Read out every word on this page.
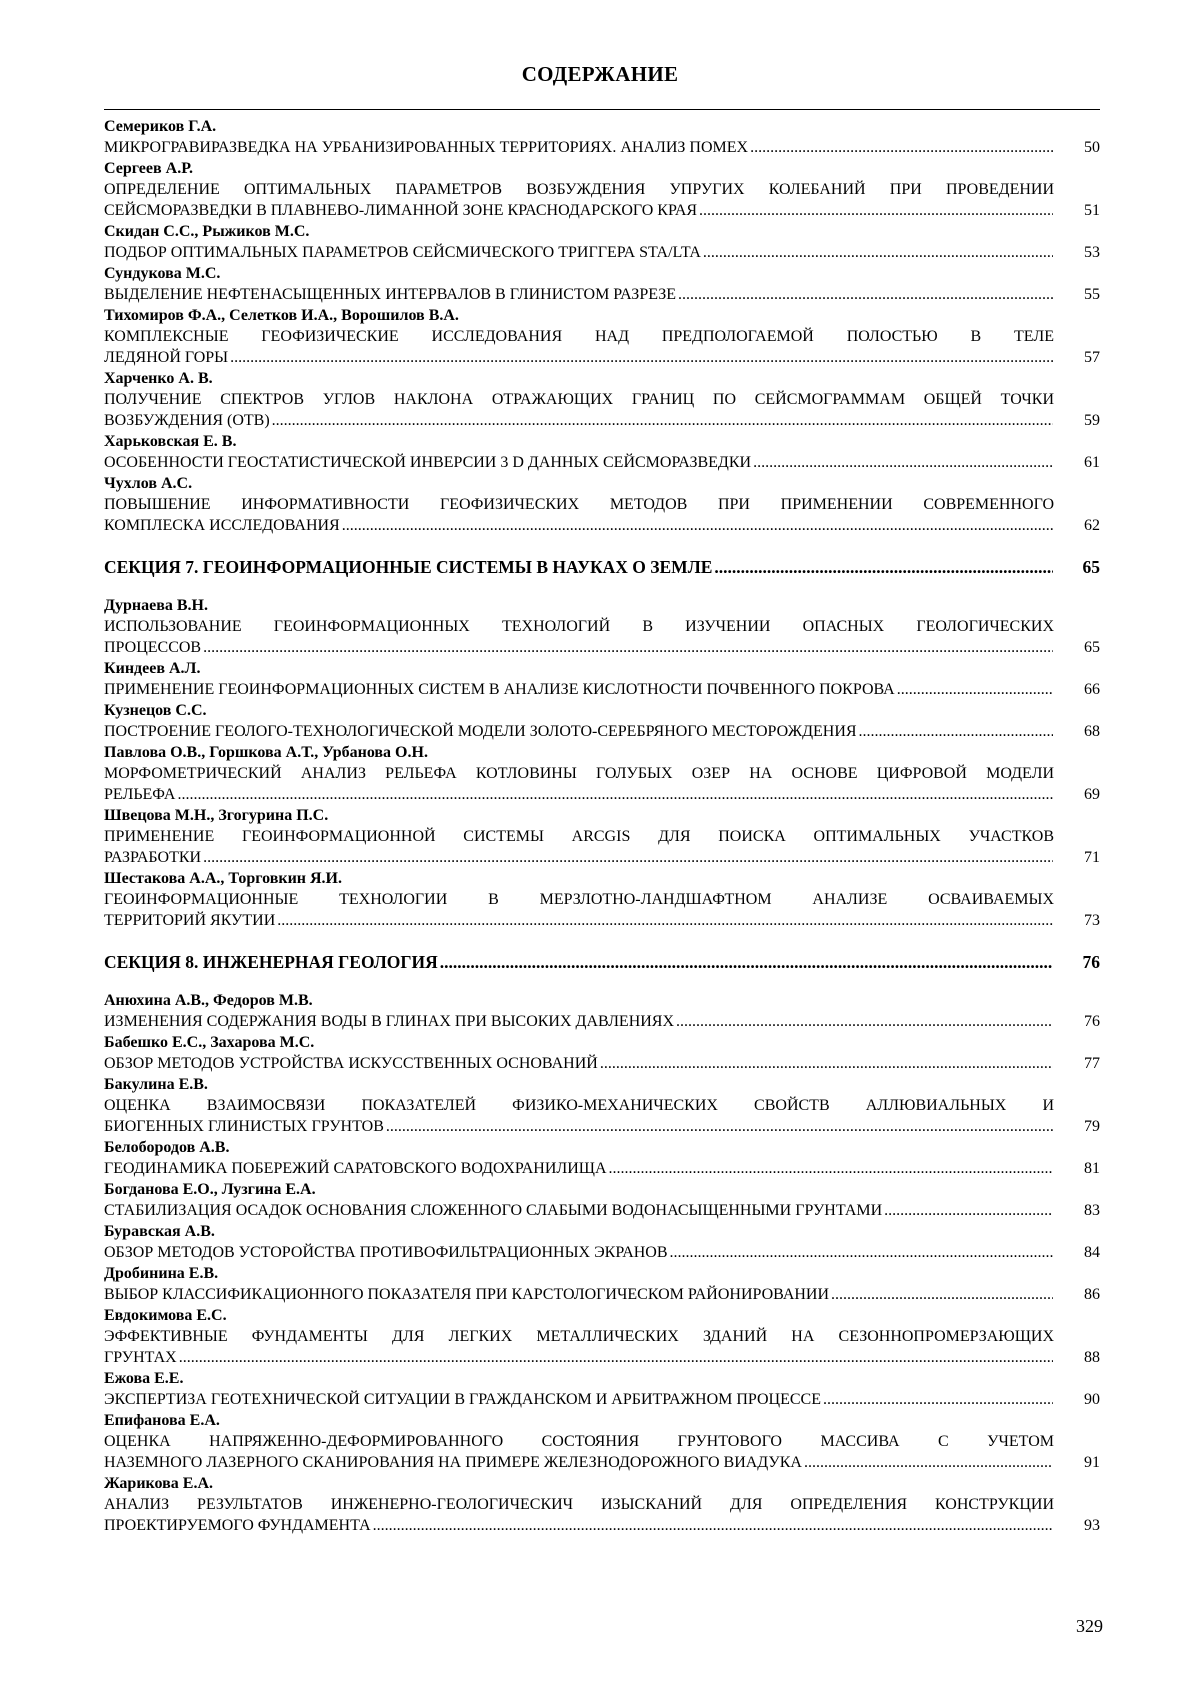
СОДЕРЖАНИЕ
Семериков Г.А.
МИКРОГРАВИРАЗВЕДКА НА УРБАНИЗИРОВАННЫХ ТЕРРИТОРИЯХ. АНАЛИЗ ПОМЕХ .....	50
Сергеев А.Р.
ОПРЕДЕЛЕНИЕ ОПТИМАЛЬНЫХ ПАРАМЕТРОВ ВОЗБУЖДЕНИЯ УПРУГИХ КОЛЕБАНИЙ ПРИ ПРОВЕДЕНИИ
СЕЙСМОРАЗВЕДКИ В ПЛАВНЕВО-ЛИМАННОЙ ЗОНЕ КРАСНОДАРСКОГО КРАЯ .....	51
Скидан С.С., Рыжиков М.С.
ПОДБОР ОПТИМАЛЬНЫХ ПАРАМЕТРОВ СЕЙСМИЧЕСКОГО ТРИГГЕРА STA/LTA .....	53
Сундукова М.С.
ВЫДЕЛЕНИЕ НЕФТЕНАСЫЩЕННЫХ ИНТЕРВАЛОВ В ГЛИНИСТОМ РАЗРЕЗЕ .....	55
Тихомиров Ф.А., Селетков И.А., Ворошилов В.А.
КОМПЛЕКСНЫЕ ГЕОФИЗИЧЕСКИЕ ИССЛЕДОВАНИЯ НАД ПРЕДПОЛОГАЕМОЙ ПОЛОСТЬЮ В ТЕЛЕ
ЛЕДЯНОЙ ГОРЫ .....	57
Харченко А. В.
ПОЛУЧЕНИЕ СПЕКТРОВ УГЛОВ НАКЛОНА ОТРАЖАЮЩИХ ГРАНИЦ ПО СЕЙСМОГРАММАМ ОБЩЕЙ ТОЧКИ
ВОЗБУЖДЕНИЯ (ОТВ) .....	59
Харьковская Е. В.
ОСОБЕННОСТИ ГЕОСТАТИСТИЧЕСКОЙ ИНВЕРСИИ 3 D ДАННЫХ СЕЙСМОРАЗВЕДКИ .....	61
Чухлов А.С.
ПОВЫШЕНИЕ ИНФОРМАТИВНОСТИ ГЕОФИЗИЧЕСКИХ МЕТОДОВ ПРИ ПРИМЕНЕНИИ СОВРЕМЕННОГО
КОМПЛЕСКА ИССЛЕДОВАНИЯ .....	62
СЕКЦИЯ 7. ГЕОИНФОРМАЦИОННЫЕ СИСТЕМЫ В НАУКАХ О ЗЕМЛЕ .....	65
Дурнаева В.Н.
ИСПОЛЬЗОВАНИЕ ГЕОИНФОРМАЦИОННЫХ ТЕХНОЛОГИЙ В ИЗУЧЕНИИ ОПАСНЫХ ГЕОЛОГИЧЕСКИХ
ПРОЦЕССОВ .....	65
Киндеев А.Л.
ПРИМЕНЕНИЕ ГЕОИНФОРМАЦИОННЫХ СИСТЕМ В АНАЛИЗЕ КИСЛОТНОСТИ ПОЧВЕННОГО ПОКРОВА .....	66
Кузнецов С.С.
ПОСТРОЕНИЕ ГЕОЛОГО-ТЕХНОЛОГИЧЕСКОЙ МОДЕЛИ ЗОЛОТО-СЕРЕБРЯНОГО МЕСТОРОЖДЕНИЯ .....	68
Павлова О.В., Горшкова А.Т., Урбанова О.Н.
МОРФОМЕТРИЧЕСКИЙ АНАЛИЗ РЕЛЬЕФА КОТЛОВИНЫ ГОЛУБЫХ ОЗЕР НА ОСНОВЕ ЦИФРОВОЙ МОДЕЛИ
РЕЛЬЕФА .....	69
Швецова М.Н., Згогурина П.С.
ПРИМЕНЕНИЕ ГЕОИНФОРМАЦИОННОЙ СИСТЕМЫ ARCGIS ДЛЯ ПОИСКА ОПТИМАЛЬНЫХ УЧАСТКОВ
РАЗРАБОТКИ .....	71
Шестакова А.А., Торговкин Я.И.
ГЕОИНФОРМАЦИОННЫЕ ТЕХНОЛОГИИ В МЕРЗЛОТНО-ЛАНДШАФТНОМ АНАЛИЗЕ ОСВАИВАЕМЫХ
ТЕРРИТОРИЙ ЯКУТИИ .....	73
СЕКЦИЯ 8. ИНЖЕНЕРНАЯ ГЕОЛОГИЯ .....	76
Анюхина А.В., Федоров М.В.
ИЗМЕНЕНИЯ СОДЕРЖАНИЯ ВОДЫ В ГЛИНАХ ПРИ ВЫСОКИХ ДАВЛЕНИЯХ .....	76
Бабешко Е.С., Захарова М.С.
ОБЗОР МЕТОДОВ УСТРОЙСТВА ИСКУССТВЕННЫХ ОСНОВАНИЙ .....	77
Бакулина Е.В.
ОЦЕНКА ВЗАИМОСВЯЗИ ПОКАЗАТЕЛЕЙ ФИЗИКО-МЕХАНИЧЕСКИХ СВОЙСТВ АЛЛЮВИАЛЬНЫХ И
БИОГЕННЫХ ГЛИНИСТЫХ ГРУНТОВ .....	79
Белобородов А.В.
ГЕОДИНАМИКА ПОБЕРЕЖИЙ САРАТОВСКОГО ВОДОХРАНИЛИЩА .....	81
Богданова Е.О., Лузгина Е.А.
СТАБИЛИЗАЦИЯ ОСАДОК ОСНОВАНИЯ СЛОЖЕННОГО СЛАБЫМИ ВОДОНАСЫЩЕННЫМИ ГРУНТАМИ .....	83
Буравская А.В.
ОБЗОР МЕТОДОВ УСТОРОЙСТВА ПРОТИВОФИЛЬТРАЦИОННЫХ ЭКРАНОВ .....	84
Дробинина Е.В.
ВЫБОР КЛАССИФИКАЦИОННОГО ПОКАЗАТЕЛЯ ПРИ КАРСТОЛОГИЧЕСКОМ РАЙОНИРОВАНИИ .....	86
Евдокимова Е.С.
ЭФФЕКТИВНЫЕ ФУНДАМЕНТЫ ДЛЯ ЛЕГКИХ МЕТАЛЛИЧЕСКИХ ЗДАНИЙ НА СЕЗОННОПРОМЕРЗАЮЩИХ
ГРУНТАХ .....	88
Ежова Е.Е.
ЭКСПЕРТИЗА ГЕОТЕХНИЧЕСКОЙ СИТУАЦИИ В ГРАЖДАНСКОМ И АРБИТРАЖНОМ ПРОЦЕССЕ .....	90
Епифанова Е.А.
ОЦЕНКА НАПРЯЖЕННО-ДЕФОРМИРОВАННОГО СОСТОЯНИЯ ГРУНТОВОГО МАССИВА С УЧЕТОМ
НАЗЕМНОГО ЛАЗЕРНОГО СКАНИРОВАНИЯ НА ПРИМЕРЕ ЖЕЛЕЗНОДОРОЖНОГО ВИАДУКА .....	91
Жарикова Е.А.
АНАЛИЗ РЕЗУЛЬТАТОВ ИНЖЕНЕРНО-ГЕОЛОГИЧЕСКИЧ ИЗЫСКАНИЙ ДЛЯ ОПРЕДЕЛЕНИЯ КОНСТРУКЦИИ
ПРОЕКТИРУЕМОГО ФУНДАМЕНТА .....	93
329
